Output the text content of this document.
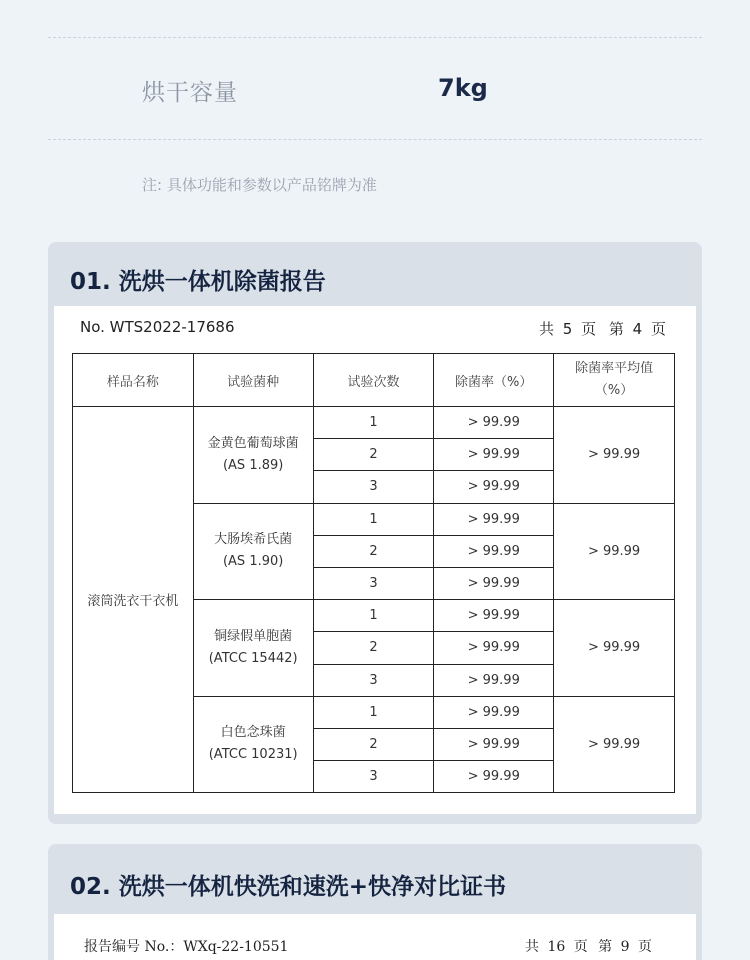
烘干容量	7kg
注: 具体功能和参数以产品铭牌为准
01. 洗烘一体机除菌报告
No. WTS2022-17686	共 5 页 第 4 页
样品名称	试验菌种	试验次数	除菌率（%）	除菌率平均值
（%）

滚筒洗衣干衣机	金黄色葡萄球菌
(AS 1.89)	1	> 99.99	> 99.99
		2	> 99.99	
		3	> 99.99	

	大肠埃希氏菌
(AS 1.90)	1	> 99.99	> 99.99
		2	> 99.99	
		3	> 99.99	

	铜绿假单胞菌
(ATCC 15442)	1	> 99.99	> 99.99
		2	> 99.99	
		3	> 99.99	

	白色念珠菌
(ATCC 10231)	1	> 99.99	> 99.99
		2	> 99.99	
		3	> 99.99	
02. 洗烘一体机快洗和速洗+快净对比证书
报告编号 No.：WXq-22-10551	共 16 页 第 9 页
